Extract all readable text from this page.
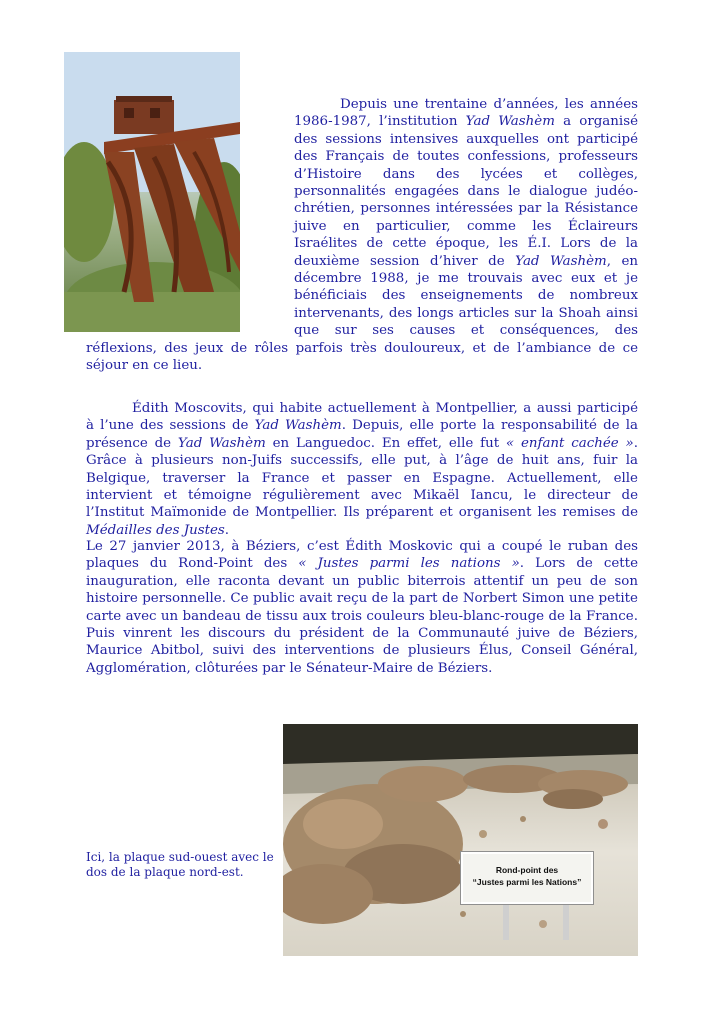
Depuis une trentaine d’années, les années 1986-1987, l’institution Yad Washèm a organisé des sessions intensives auxquelles ont participé des Français de toutes confessions, professeurs d’Histoire dans des lycées et collèges, personnalités engagées dans le dialogue judéo-chrétien, personnes intéressées par la Résistance juive en particulier, comme les Éclaireurs Israélites de cette époque, les É.I. Lors de la deuxième session d’hiver de Yad Washèm, en décembre 1988, je me trouvais avec eux et je bénéficiais des enseignements de nombreux intervenants, des longs articles sur la Shoah ainsi que sur ses causes et conséquences, des réflexions, des jeux de rôles parfois très douloureux, et de l’ambiance de ce séjour en ce lieu.

Édith Moscovits, qui habite actuellement à Montpellier, a aussi participé à l’une des sessions de Yad Washèm. Depuis, elle porte la responsabilité de la présence de Yad Washèm en Languedoc. En effet, elle fut « enfant cachée ». Grâce à plusieurs non-Juifs successifs, elle put, à l’âge de huit ans, fuir la Belgique, traverser la France et passer en Espagne. Actuellement, elle intervient et témoigne régulièrement avec Mikaël Iancu, le directeur de l’Institut Maïmonide de Montpellier. Ils préparent et organisent les remises de Médailles des Justes.

Le 27 janvier 2013, à Béziers, c’est Édith Moskovic qui a coupé le ruban des plaques du Rond-Point des « Justes parmi les nations ». Lors de cette inauguration, elle raconta devant un public biterrois attentif un peu de son histoire personnelle. Ce public avait reçu de la part de Norbert Simon une petite carte avec un bandeau de tissu aux trois couleurs bleu-blanc-rouge de la France. Puis vinrent les discours du président de la Communauté juive de Béziers, Maurice Abitbol, suivi des interventions de plusieurs Élus, Conseil Général, Agglomération, clôturées par le Sénateur-Maire de Béziers.

Rond-point des
“Justes parmi les Nations”

Ici, la plaque sud-ouest avec le dos de la plaque nord-est.
